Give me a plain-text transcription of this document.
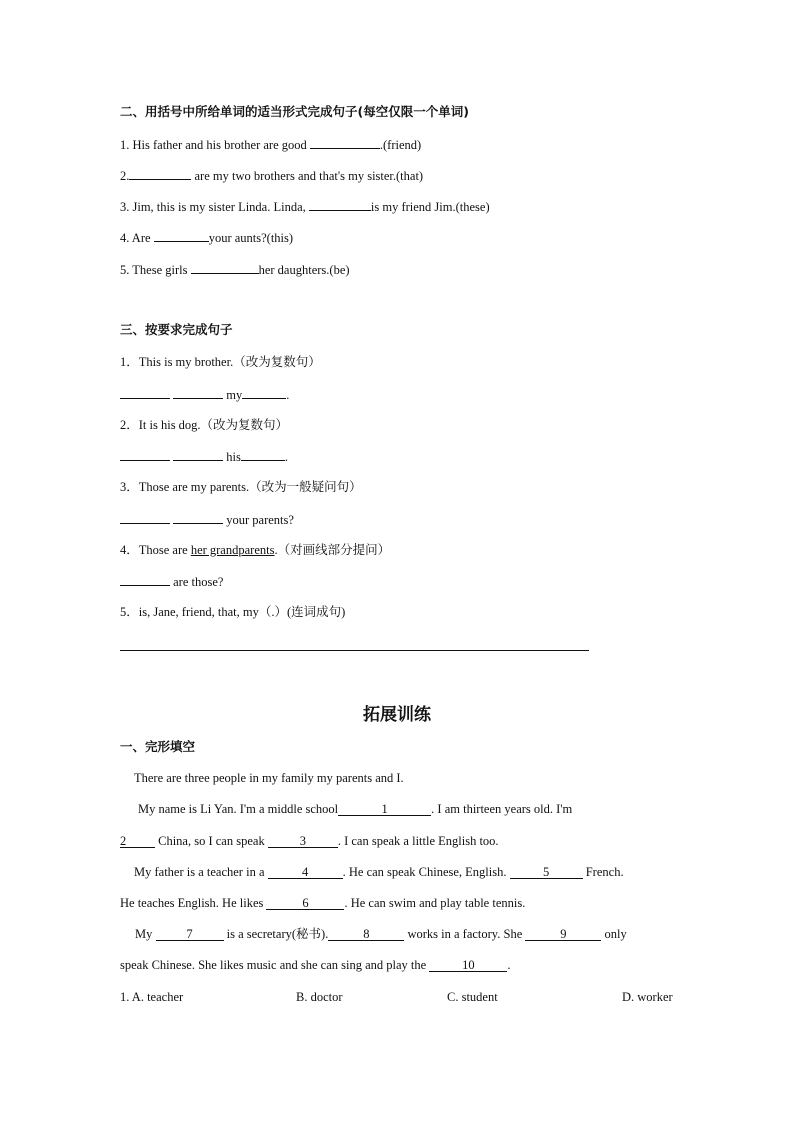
二、用括号中所给单词的适当形式完成句子(每空仅限一个单词)
1. His father and his brother are good	.(friend)
2.	are my two brothers and that's my sister.(that)
3. Jim, this is my sister Linda. Linda,	is my friend Jim.(these)
4. Are	your aunts?(this)
5. These girls	her daughters.(be)
三、按要求完成句子
1．This is my brother.（改为复数句）
my	.
2．It is his dog.（改为复数句）
his	.
3．Those are my parents.（改为一般疑问句）
your parents?
4．Those are her grandparents.（对画线部分提问）
are those?
5．is, Jane, friend, that, my（.）(连词成句)
拓展训练
一、完形填空
There are three people in my family my parents and I.
My name is Li Yan. I'm a middle school	1	. I am thirteen years old. I'm
2 China, so I can speak	3	. I can speak a little English too.
My father is a teacher in a	4	. He can speak Chinese, English.	5	French.
He teaches English. He likes	6	. He can swim and play table tennis.
My 7 is a secretary(秘书).	8	works in a factory. She	9	only
speak Chinese. She likes music and she can sing and play the	10	.
1. A. teacher	B. doctor	C. student	D. worker
